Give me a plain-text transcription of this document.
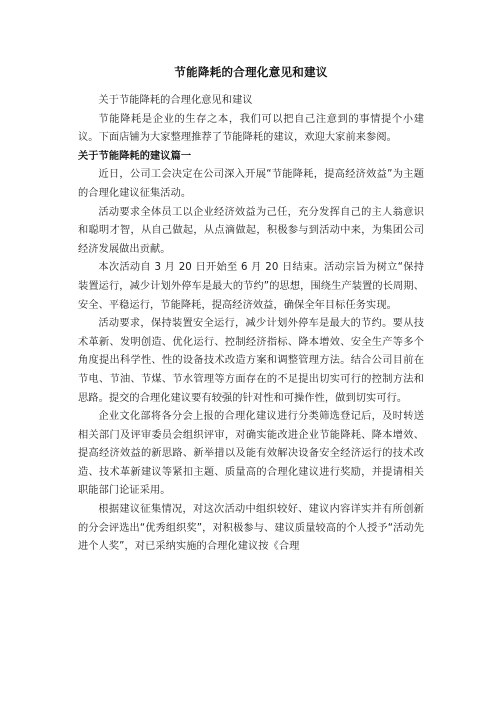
节能降耗的合理化意见和建议

关于节能降耗的合理化意见和建议

节能降耗是企业的生存之本，我们可以把自己注意到的事情提个小建议。下面店铺为大家整理推荐了节能降耗的建议，欢迎大家前来参阅。

关于节能降耗的建议篇一

近日，公司工会决定在公司深入开展“节能降耗，提高经济效益”为主题的合理化建议征集活动。

活动要求全体员工以企业经济效益为己任，充分发挥自己的主人翁意识和聪明才智，从自己做起，从点滴做起，积极参与到活动中来，为集团公司经济发展做出贡献。

本次活动自 3 月 20 日开始至 6 月 20 日结束。活动宗旨为树立“保持装置运行，减少计划外停车是最大的节约”的思想，围绕生产装置的长周期、安全、平稳运行，节能降耗，提高经济效益，确保全年目标任务实现。

活动要求，保持装置安全运行，减少计划外停车是最大的节约。要从技术革新、发明创造、优化运行、控制经济指标、降本增效、安全生产等多个角度提出科学性、性的设备技术改造方案和调整管理方法。结合公司目前在节电、节油、节煤、节水管理等方面存在的不足提出切实可行的控制方法和思路。提交的合理化建议要有较强的针对性和可操作性，做到切实可行。

企业文化部将各分会上报的合理化建议进行分类筛选登记后，及时转送相关部门及评审委员会组织评审，对确实能改进企业节能降耗、降本增效、提高经济效益的新思路、新举措以及能有效解决设备安全经济运行的技术改造、技术革新建议等紧扣主题、质量高的合理化建议进行奖励，并提请相关职能部门论证采用。

根据建议征集情况，对这次活动中组织较好、建议内容详实并有所创新的分会评选出“优秀组织奖”，对积极参与、建议质量较高的个人授予“活动先进个人奖”，对已采纳实施的合理化建议按《合理
